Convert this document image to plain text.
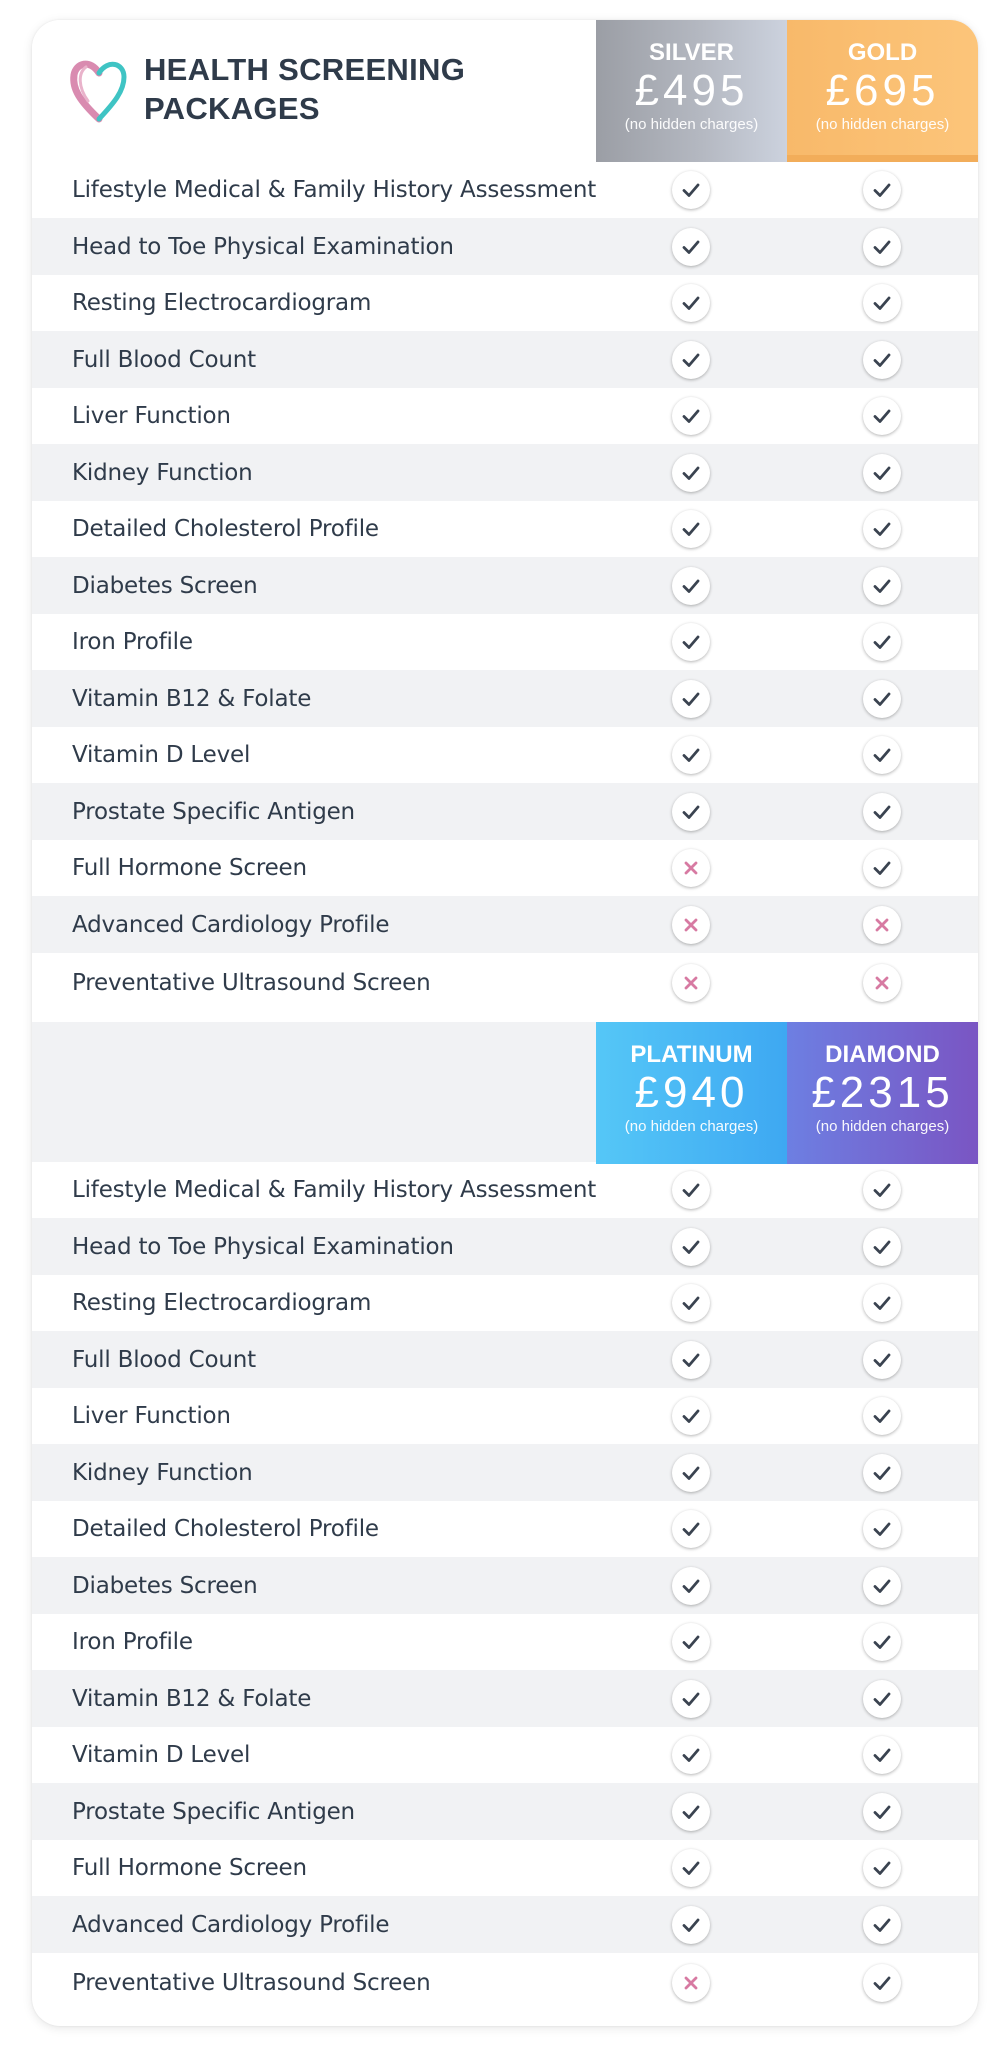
HEALTH SCREENING
PACKAGES
SILVER
£495
(no hidden charges)
GOLD
£695
(no hidden charges)
Lifestyle Medical & Family History Assessment
Head to Toe Physical Examination
Resting Electrocardiogram
Full Blood Count
Liver Function
Kidney Function
Detailed Cholesterol Profile
Diabetes Screen
Iron Profile
Vitamin B12 & Folate
Vitamin D Level
Prostate Specific Antigen
Full Hormone Screen
Advanced Cardiology Profile
Preventative Ultrasound Screen
PLATINUM
£940
(no hidden charges)
DIAMOND
£2315
(no hidden charges)
Lifestyle Medical & Family History Assessment
Head to Toe Physical Examination
Resting Electrocardiogram
Full Blood Count
Liver Function
Kidney Function
Detailed Cholesterol Profile
Diabetes Screen
Iron Profile
Vitamin B12 & Folate
Vitamin D Level
Prostate Specific Antigen
Full Hormone Screen
Advanced Cardiology Profile
Preventative Ultrasound Screen
